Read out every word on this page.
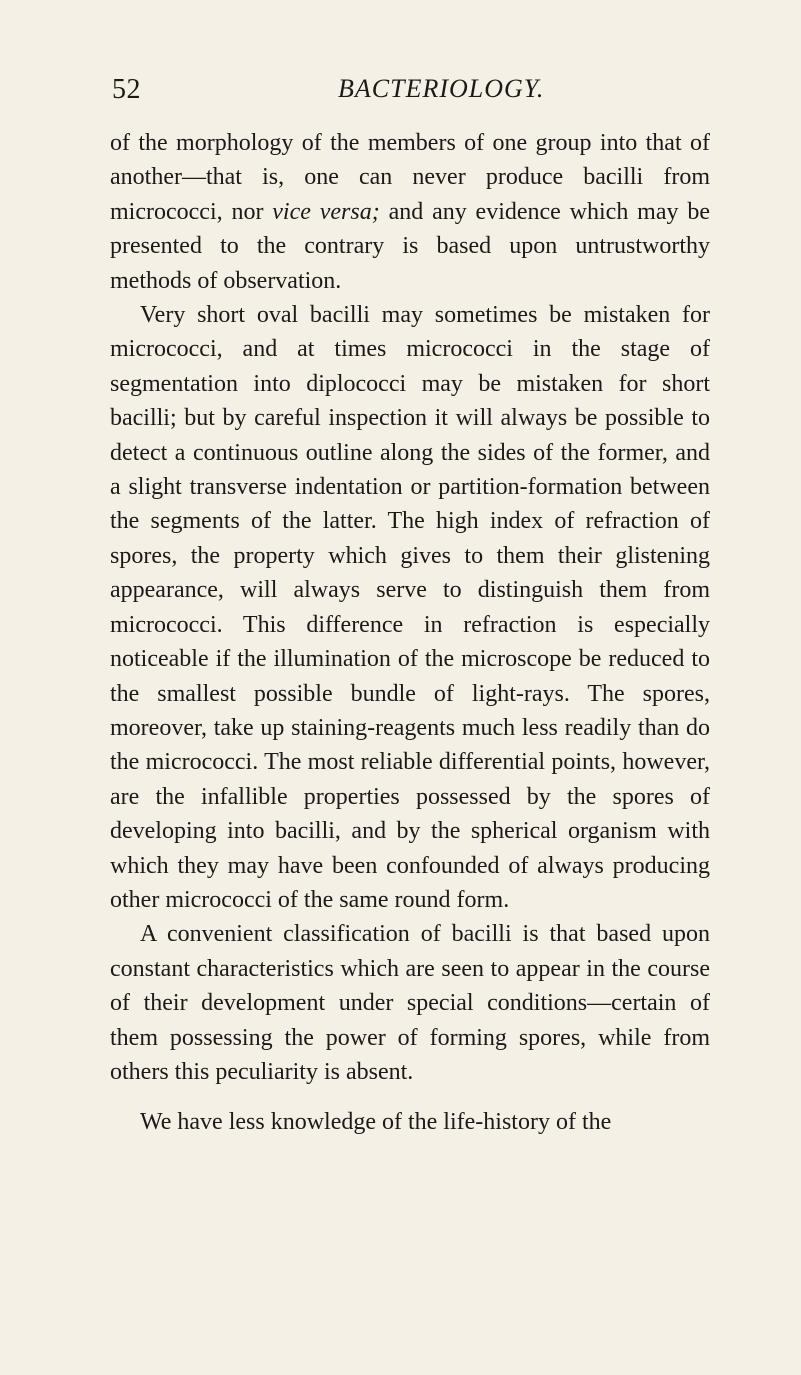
52	BACTERIOLOGY.

of the morphology of the members of one group into that of another—that is, one can never produce bacilli from micrococci, nor vice versa; and any evidence which may be presented to the contrary is based upon untrustworthy methods of observation.

Very short oval bacilli may sometimes be mistaken for micrococci, and at times micrococci in the stage of segmentation into diplococci may be mistaken for short bacilli; but by careful inspection it will always be possible to detect a continuous outline along the sides of the former, and a slight transverse indentation or partition-formation between the segments of the latter. The high index of refraction of spores, the property which gives to them their glistening appearance, will always serve to distinguish them from micrococci. This difference in refraction is especially noticeable if the illumination of the microscope be reduced to the smallest possible bundle of light-rays. The spores, moreover, take up staining-reagents much less readily than do the micrococci. The most reliable differential points, however, are the infallible properties possessed by the spores of developing into bacilli, and by the spherical organism with which they may have been confounded of always producing other micrococci of the same round form.

A convenient classification of bacilli is that based upon constant characteristics which are seen to appear in the course of their development under special conditions—certain of them possessing the power of forming spores, while from others this peculiarity is absent.

We have less knowledge of the life-history of the
